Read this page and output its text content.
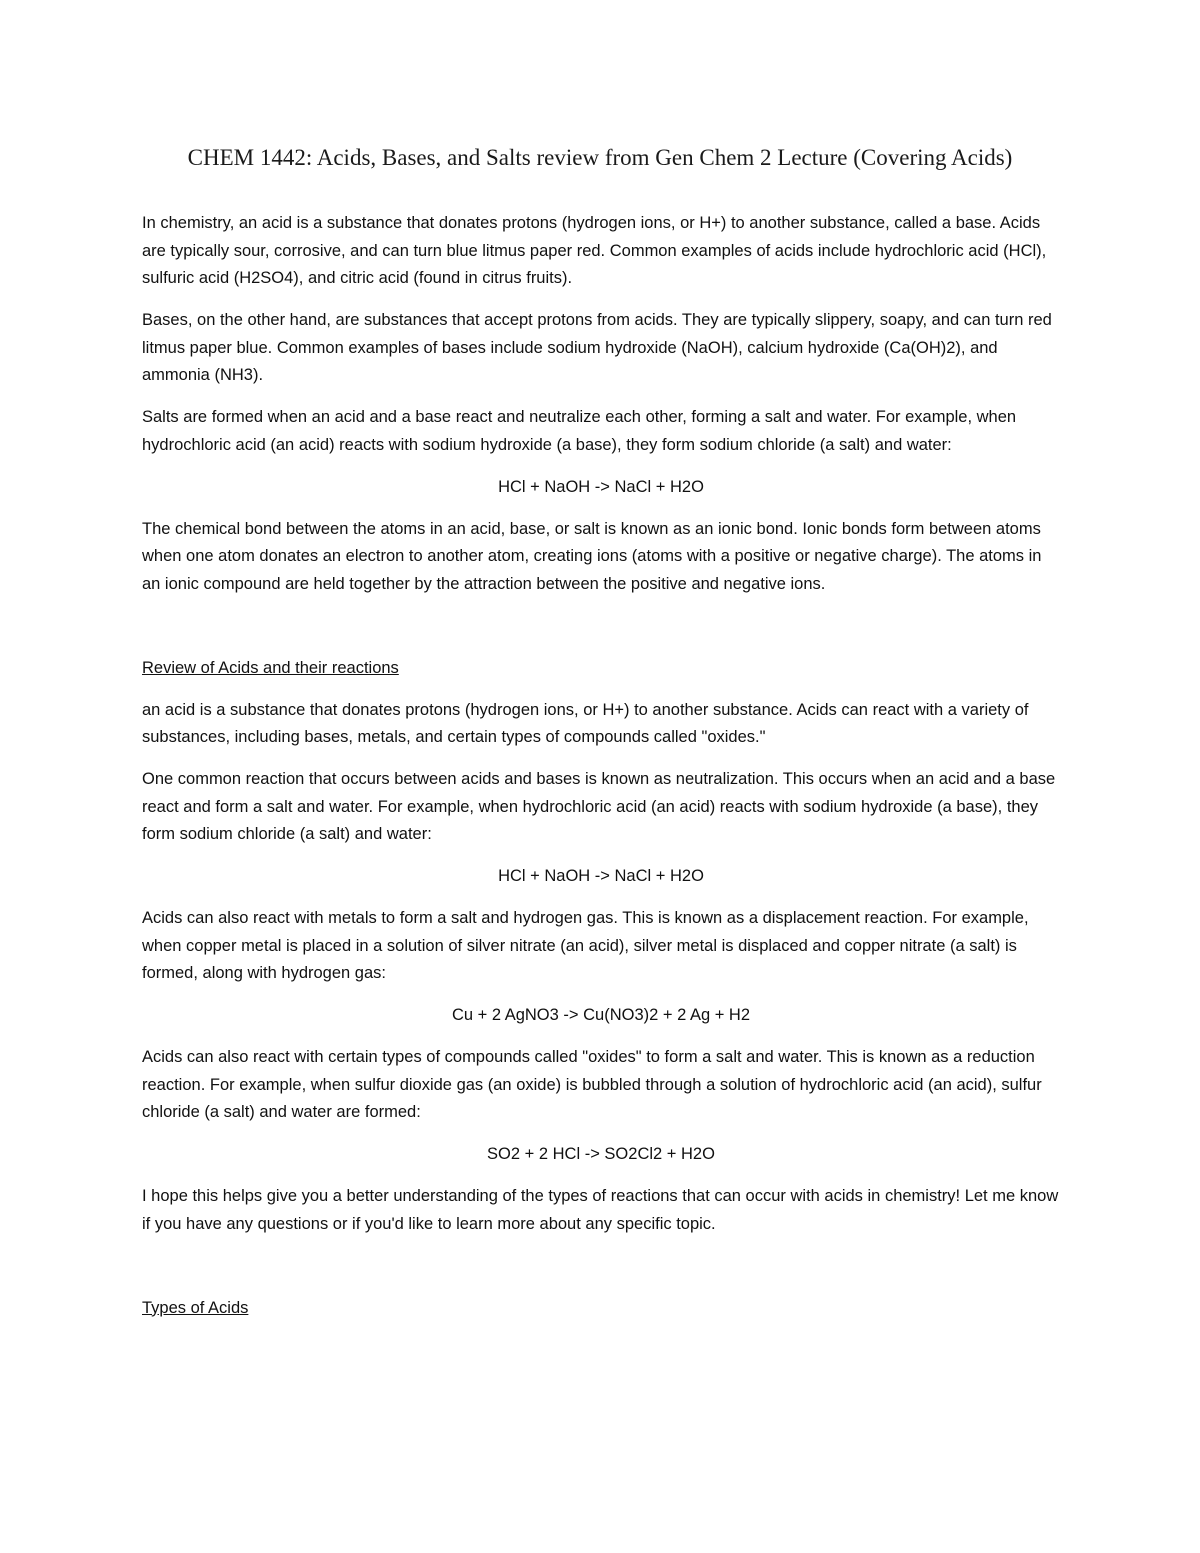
CHEM 1442: Acids, Bases, and Salts review from Gen Chem 2 Lecture (Covering Acids)

In chemistry, an acid is a substance that donates protons (hydrogen ions, or H+) to another substance, called a base. Acids are typically sour, corrosive, and can turn blue litmus paper red. Common examples of acids include hydrochloric acid (HCl), sulfuric acid (H2SO4), and citric acid (found in citrus fruits).

Bases, on the other hand, are substances that accept protons from acids. They are typically slippery, soapy, and can turn red litmus paper blue. Common examples of bases include sodium hydroxide (NaOH), calcium hydroxide (Ca(OH)2), and ammonia (NH3).

Salts are formed when an acid and a base react and neutralize each other, forming a salt and water. For example, when hydrochloric acid (an acid) reacts with sodium hydroxide (a base), they form sodium chloride (a salt) and water:

HCl + NaOH -> NaCl + H2O

The chemical bond between the atoms in an acid, base, or salt is known as an ionic bond. Ionic bonds form between atoms when one atom donates an electron to another atom, creating ions (atoms with a positive or negative charge). The atoms in an ionic compound are held together by the attraction between the positive and negative ions.

Review of Acids and their reactions

an acid is a substance that donates protons (hydrogen ions, or H+) to another substance. Acids can react with a variety of substances, including bases, metals, and certain types of compounds called "oxides."

One common reaction that occurs between acids and bases is known as neutralization. This occurs when an acid and a base react and form a salt and water. For example, when hydrochloric acid (an acid) reacts with sodium hydroxide (a base), they form sodium chloride (a salt) and water:

HCl + NaOH -> NaCl + H2O

Acids can also react with metals to form a salt and hydrogen gas. This is known as a displacement reaction. For example, when copper metal is placed in a solution of silver nitrate (an acid), silver metal is displaced and copper nitrate (a salt) is formed, along with hydrogen gas:

Cu + 2 AgNO3 -> Cu(NO3)2 + 2 Ag + H2

Acids can also react with certain types of compounds called "oxides" to form a salt and water. This is known as a reduction reaction. For example, when sulfur dioxide gas (an oxide) is bubbled through a solution of hydrochloric acid (an acid), sulfur chloride (a salt) and water are formed:

SO2 + 2 HCl -> SO2Cl2 + H2O

I hope this helps give you a better understanding of the types of reactions that can occur with acids in chemistry! Let me know if you have any questions or if you'd like to learn more about any specific topic.

Types of Acids
